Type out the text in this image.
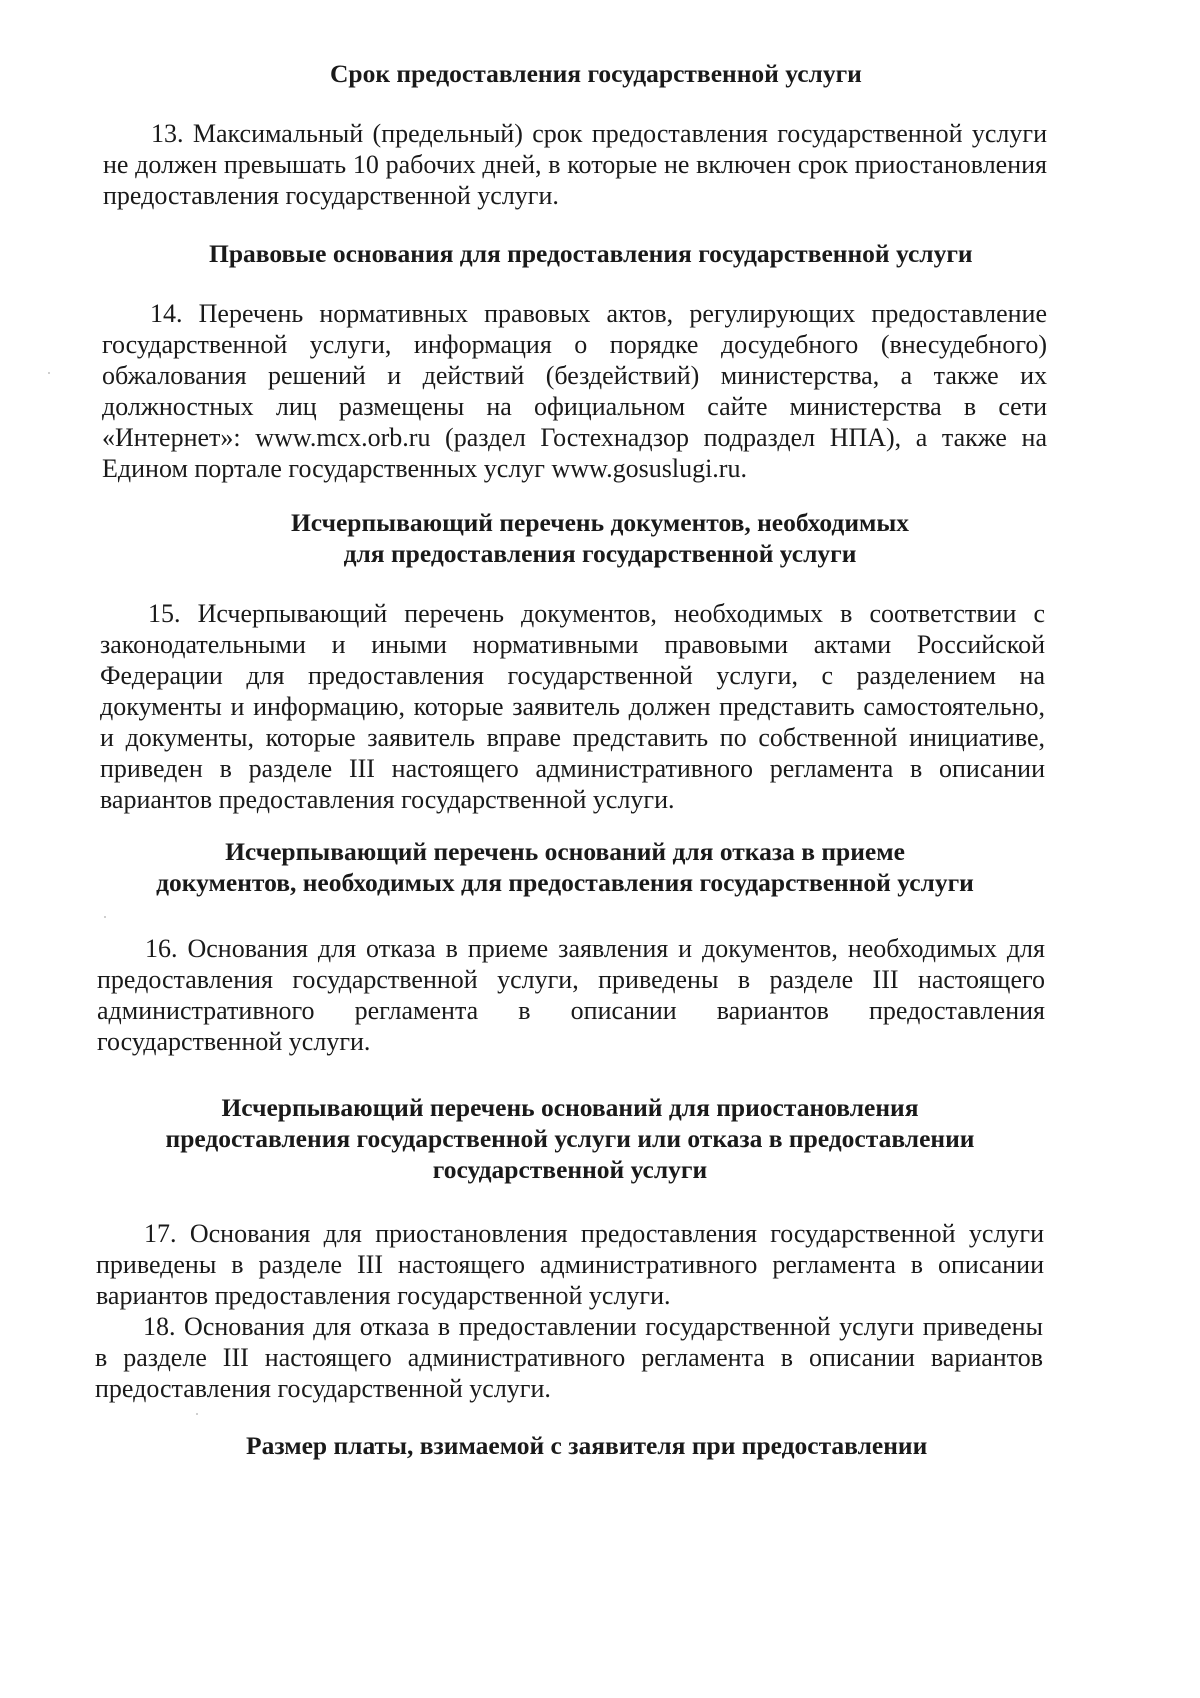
Срок предоставления государственной услуги
13. Максимальный (предельный) срок предоставления государственной услуги
не должен превышать 10 рабочих дней, в которые не включен срок приостановления
предоставления государственной услуги.
Правовые основания для предоставления государственной услуги
14. Перечень нормативных правовых актов, регулирующих предоставление
государственной услуги, информация о порядке досудебного (внесудебного)
обжалования решений и действий (бездействий) министерства, а также их
должностных лиц размещены на официальном сайте министерства в сети
«Интернет»: www.mcx.orb.ru (раздел Гостехнадзор подраздел НПА), а также на
Едином портале государственных услуг www.gosuslugi.ru.
Исчерпывающий перечень документов, необходимых
для предоставления государственной услуги
15. Исчерпывающий перечень документов, необходимых в соответствии с
законодательными и иными нормативными правовыми актами Российской
Федерации для предоставления государственной услуги, с разделением на
документы и информацию, которые заявитель должен представить самостоятельно,
и документы, которые заявитель вправе представить по собственной инициативе,
приведен в разделе III настоящего административного регламента в описании
вариантов предоставления государственной услуги.
Исчерпывающий перечень оснований для отказа в приеме
документов, необходимых для предоставления государственной услуги
16. Основания для отказа в приеме заявления и документов, необходимых для
предоставления государственной услуги, приведены в разделе III настоящего
административного регламента в описании вариантов предоставления
государственной услуги.
Исчерпывающий перечень оснований для приостановления
предоставления государственной услуги или отказа в предоставлении
государственной услуги
17. Основания для приостановления предоставления государственной услуги
приведены в разделе III настоящего административного регламента в описании
вариантов предоставления государственной услуги.
18. Основания для отказа в предоставлении государственной услуги приведены
в разделе III настоящего административного регламента в описании вариантов
предоставления государственной услуги.
Размер платы, взимаемой с заявителя при предоставлении
